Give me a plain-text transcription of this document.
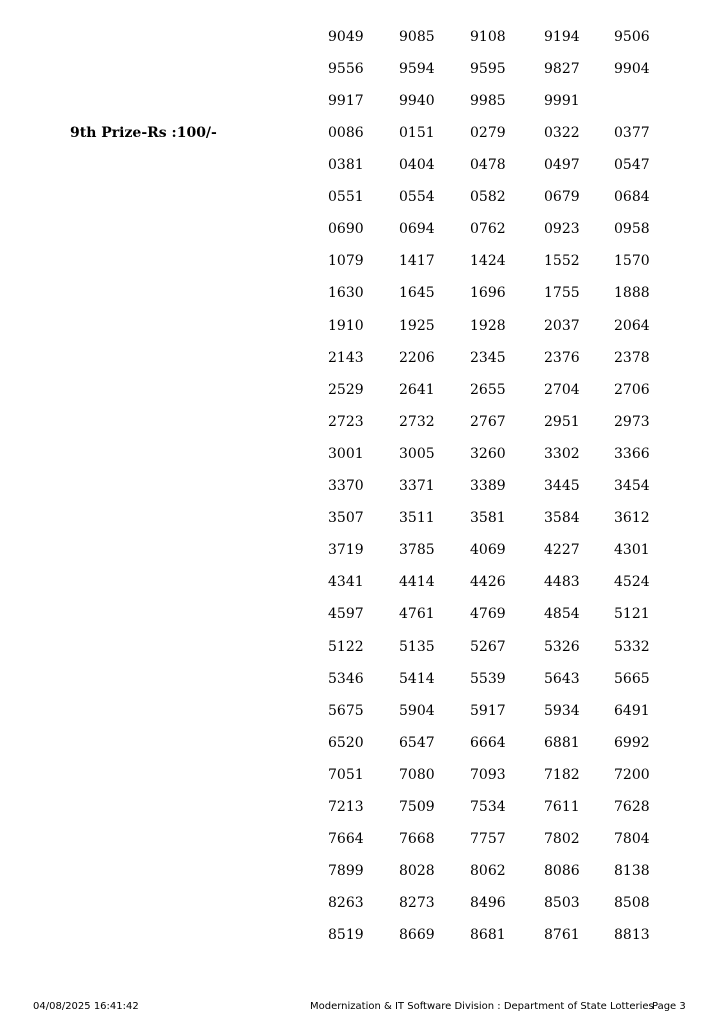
9049	9085	9108	9194 9506
9556	9594	9595	9827 9904
9917	9940	9985	9991
9th Prize-Rs :100/-	0086	0151	0279	0322 0377
0381	0404	0478	0497 0547
0551	0554	0582	0679 0684
0690	0694	0762	0923 0958
1079	1417	1424	1552 1570
1630	1645	1696	1755 1888
1910	1925	1928	2037 2064
2143	2206	2345	2376 2378
2529	2641	2655	2704 2706
2723	2732	2767	2951 2973
3001	3005	3260	3302 3366
3370	3371	3389	3445 3454
3507	3511	3581	3584 3612
3719	3785	4069	4227 4301
4341	4414	4426	4483 4524
4597	4761	4769	4854 5121
5122	5135	5267	5326 5332
5346	5414	5539	5643 5665
5675	5904	5917	5934 6491
6520	6547	6664	6881 6992
7051	7080	7093	7182 7200
7213	7509	7534	7611 7628
7664	7668	7757	7802 7804
7899	8028	8062	8086 8138
8263	8273	8496	8503 8508
8519	8669	8681	8761 8813
04/08/2025 16:41:42	Modernization & IT Software Division : Department of State Lotteries
Page 3
